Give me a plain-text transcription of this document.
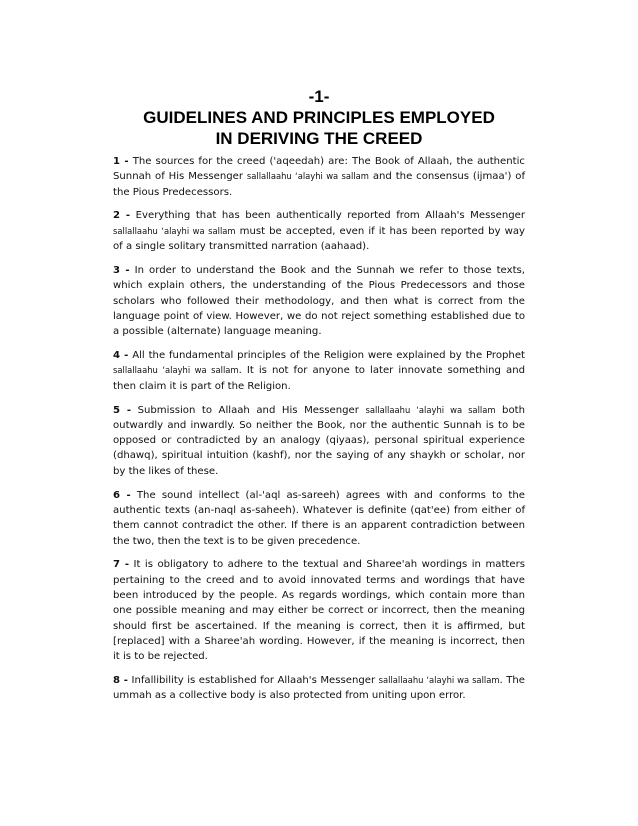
-1-
GUIDELINES AND PRINCIPLES EMPLOYED
IN DERIVING THE CREED

1 - The sources for the creed ('aqeedah) are: The Book of Allaah, the authentic Sunnah of His Messenger sallallaahu ‘alayhi wa sallam and the consensus (ijmaa') of the Pious Predecessors.

2 - Everything that has been authentically reported from Allaah's Messenger sallallaahu ‘alayhi wa sallam must be accepted, even if it has been reported by way of a single solitary transmitted narration (aahaad).

3 - In order to understand the Book and the Sunnah we refer to those texts, which explain others, the understanding of the Pious Predecessors and those scholars who followed their methodology, and then what is correct from the language point of view. However, we do not reject something established due to a possible (alternate) language meaning.

4 - All the fundamental principles of the Religion were explained by the Prophet sallallaahu ‘alayhi wa sallam. It is not for anyone to later innovate something and then claim it is part of the Religion.

5 - Submission to Allaah and His Messenger sallallaahu ‘alayhi wa sallam both outwardly and inwardly. So neither the Book, nor the authentic Sunnah is to be opposed or contradicted by an analogy (qiyaas), personal spiritual experience (dhawq), spiritual intuition (kashf), nor the saying of any shaykh or scholar, nor by the likes of these.

6 - The sound intellect (al-'aql as-sareeh) agrees with and conforms to the authentic texts (an-naql as-saheeh). Whatever is definite (qat'ee) from either of them cannot contradict the other. If there is an apparent contradiction between the two, then the text is to be given precedence.

7 - It is obligatory to adhere to the textual and Sharee'ah wordings in matters pertaining to the creed and to avoid innovated terms and wordings that have been introduced by the people. As regards wordings, which contain more than one possible meaning and may either be correct or incorrect, then the meaning should first be ascertained. If the meaning is correct, then it is affirmed, but [replaced] with a Sharee'ah wording. However, if the meaning is incorrect, then it is to be rejected.

8 - Infallibility is established for Allaah's Messenger sallallaahu ‘alayhi wa sallam. The ummah as a collective body is also protected from uniting upon error.
